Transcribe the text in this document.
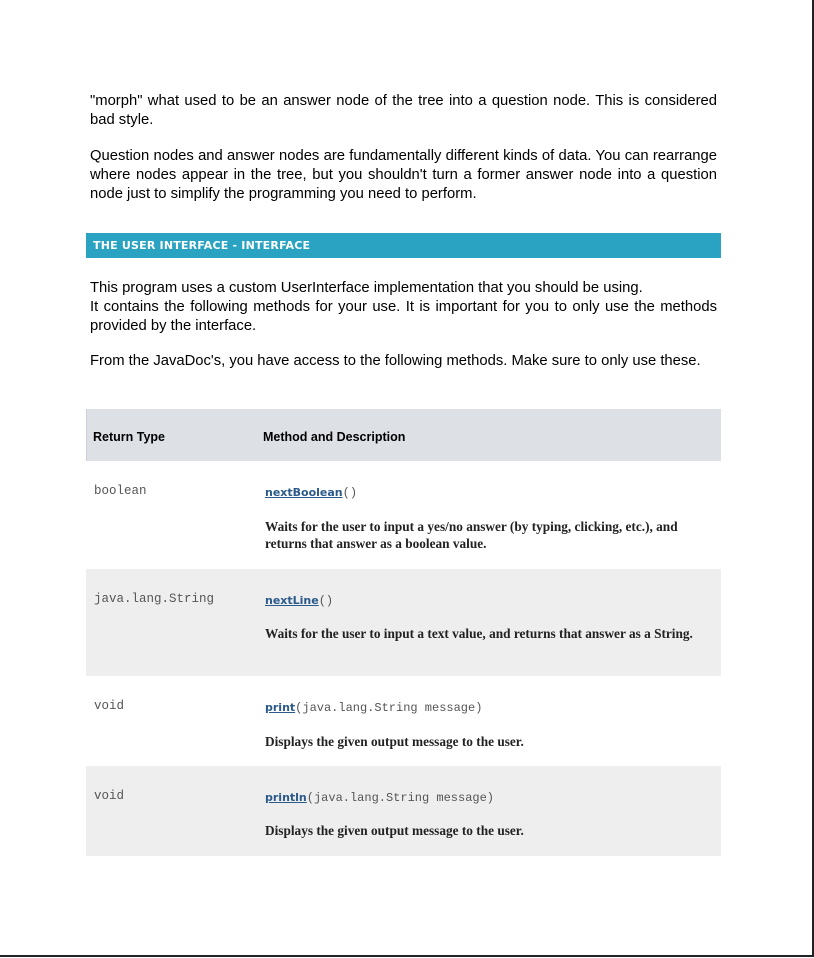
"morph" what used to be an answer node of the tree into a question node. This is considered bad style.

Question nodes and answer nodes are fundamentally different kinds of data. You can rearrange where nodes appear in the tree, but you shouldn't turn a former answer node into a question node just to simplify the programming you need to perform.

THE USER INTERFACE - INTERFACE
This program uses a custom UserInterface implementation that you should be using.
It contains the following methods for your use. It is important for you to only use the methods provided by the interface.

From the JavaDoc's, you have access to the following methods. Make sure to only use these.

Return Type	Method and Description
boolean	nextBoolean()
Waits for the user to input a yes/no answer (by typing, clicking, etc.), and returns that answer as a boolean value.
java.lang.String	nextLine()
Waits for the user to input a text value, and returns that answer as a String.
void	print(java.lang.String message)
Displays the given output message to the user.
void	println(java.lang.String message)
Displays the given output message to the user.
